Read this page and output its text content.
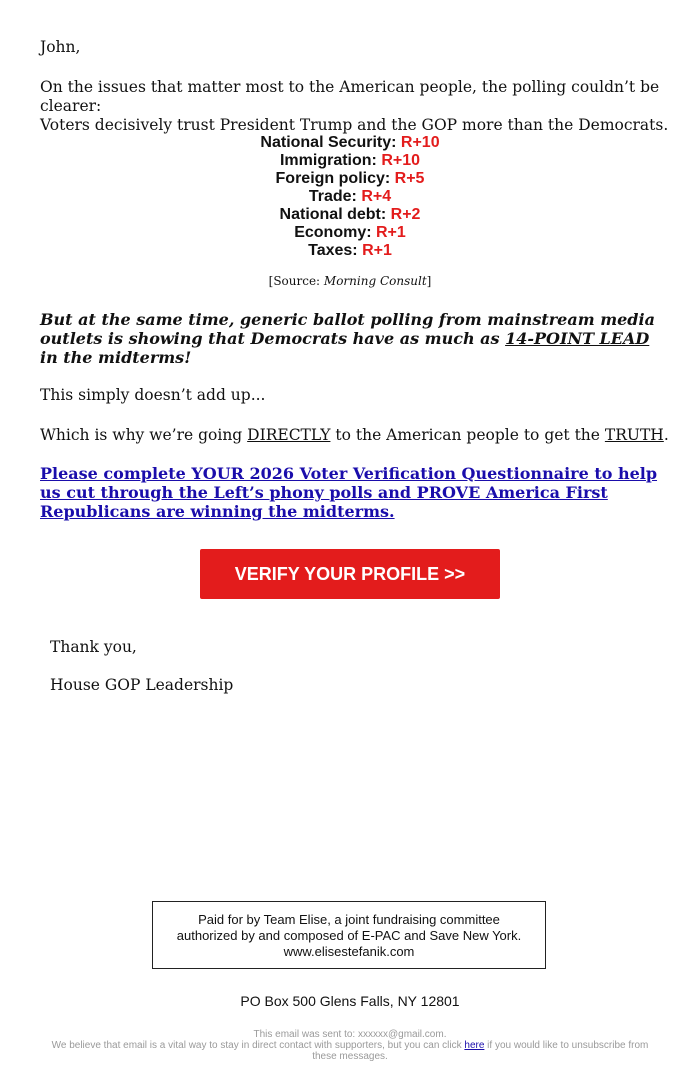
John,

On the issues that matter most to the American people, the polling couldn’t be clearer:

Voters decisively trust President Trump and the GOP more than the Democrats.

National Security: R+10
Immigration: R+10
Foreign policy: R+5
Trade: R+4
National debt: R+2
Economy: R+1
Taxes: R+1
[Source: Morning Consult]
But at the same time, generic ballot polling from mainstream media outlets is showing that Democrats have as much as 14-POINT LEAD in the midterms!
This simply doesn’t add up...
Which is why we’re going DIRECTLY to the American people to get the TRUTH.
Please complete YOUR 2026 Voter Verification Questionnaire to help us cut through the Left’s phony polls and PROVE America First Republicans are winning the midterms.
VERIFY YOUR PROFILE >>
Thank you,
House GOP Leadership
Paid for by Team Elise, a joint fundraising committee
authorized by and composed of E-PAC and Save New York.
www.elisestefanik.com
PO Box 500 Glens Falls, NY 12801
This email was sent to: xxxxxx@gmail.com.
We believe that email is a vital way to stay in direct contact with supporters, but you can click here if you would like to unsubscribe from these messages.
